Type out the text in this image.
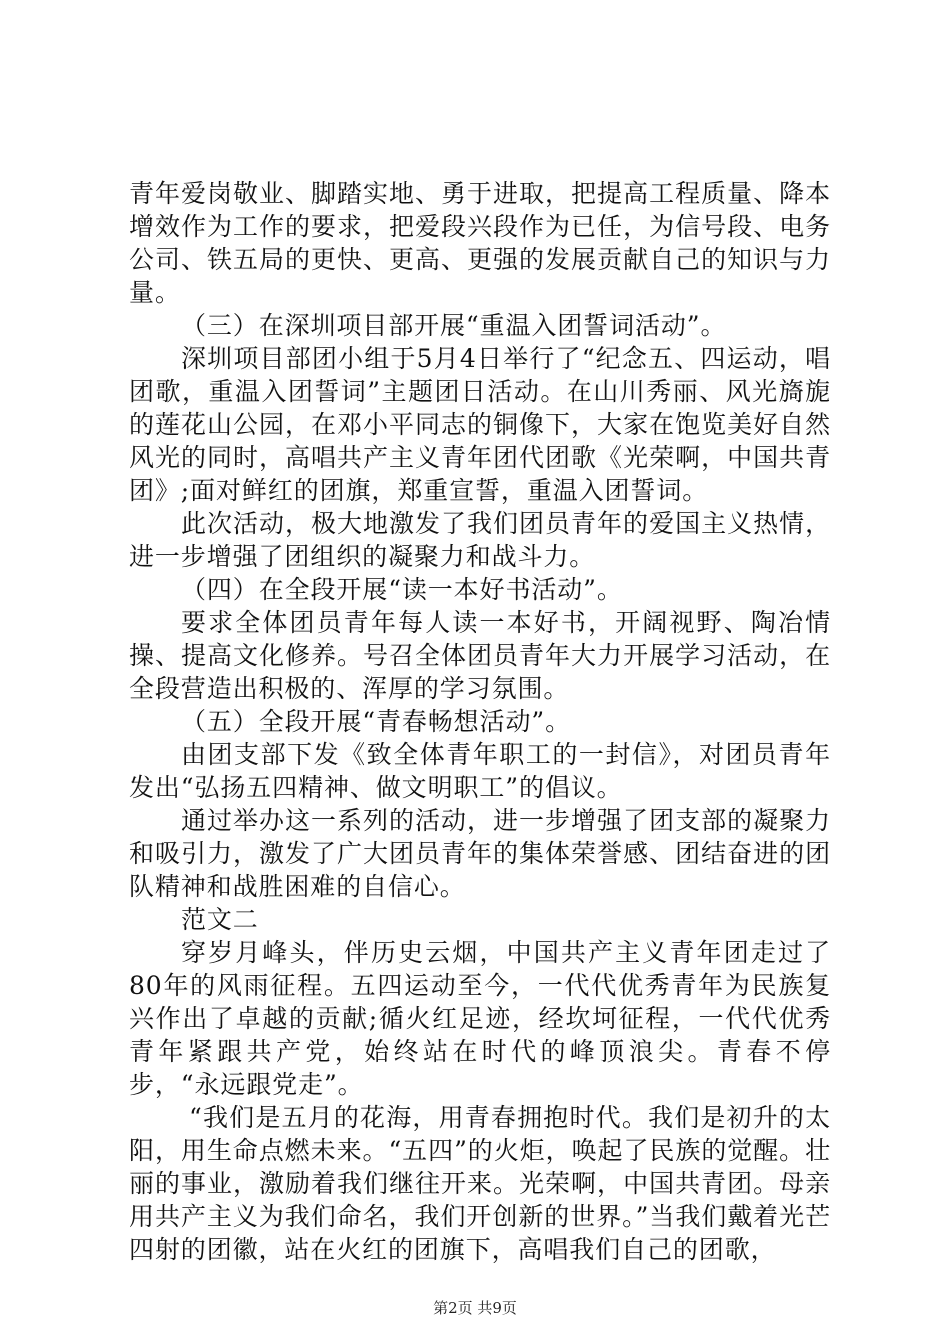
青年爱岗敬业、脚踏实地、勇于进取，把提高工程质量、降本增效作为工作的要求，把爱段兴段作为已任，为信号段、电务公司、铁五局的更快、更高、更强的发展贡献自己的知识与力量。

（三）在深圳项目部开展“重温入团誓词活动”。

深圳项目部团小组于5月4日举行了“纪念五、四运动，唱团歌，重温入团誓词”主题团日活动。在山川秀丽、风光旖旎的莲花山公园，在邓小平同志的铜像下，大家在饱览美好自然风光的同时，高唱共产主义青年团代团歌《光荣啊，中国共青团》;面对鲜红的团旗，郑重宣誓，重温入团誓词。

此次活动，极大地激发了我们团员青年的爱国主义热情，进一步增强了团组织的凝聚力和战斗力。

（四）在全段开展“读一本好书活动”。

要求全体团员青年每人读一本好书，开阔视野、陶冶情操、提高文化修养。号召全体团员青年大力开展学习活动，在全段营造出积极的、浑厚的学习氛围。

（五）全段开展“青春畅想活动”。

由团支部下发《致全体青年职工的一封信》，对团员青年发出“弘扬五四精神、做文明职工”的倡议。

通过举办这一系列的活动，进一步增强了团支部的凝聚力和吸引力，激发了广大团员青年的集体荣誉感、团结奋进的团队精神和战胜困难的自信心。

范文二

穿岁月峰头，伴历史云烟，中国共产主义青年团走过了80年的风雨征程。五四运动至今，一代代优秀青年为民族复兴作出了卓越的贡献;循火红足迹，经坎坷征程，一代代优秀青年紧跟共产党，始终站在时代的峰顶浪尖。青春不停步，“永远跟党走”。

“我们是五月的花海，用青春拥抱时代。我们是初升的太阳，用生命点燃未来。“五四”的火炬，唤起了民族的觉醒。壮丽的事业，激励着我们继往开来。光荣啊，中国共青团。母亲用共产主义为我们命名，我们开创新的世界。”当我们戴着光芒四射的团徽，站在火红的团旗下，高唱我们自己的团歌，

第2页 共9页
